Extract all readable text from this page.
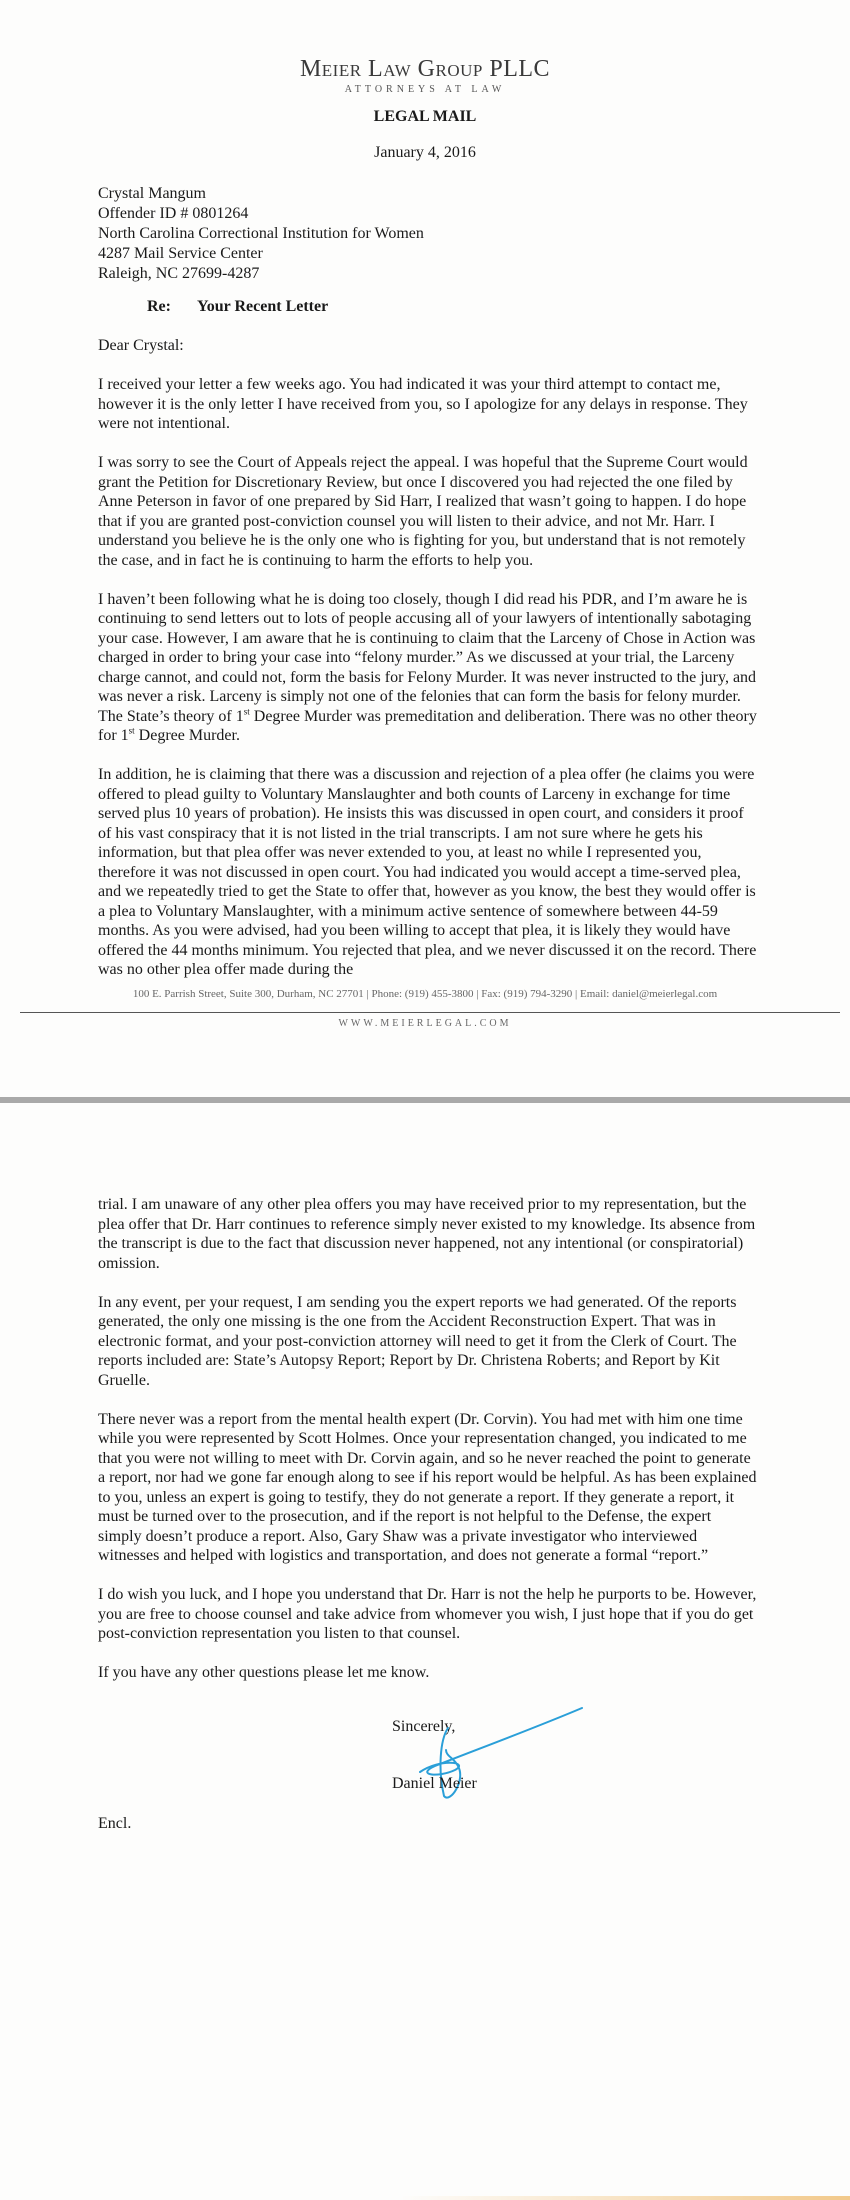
Meier Law Group PLLC
ATTORNEYS AT LAW
LEGAL MAIL
January 4, 2016
Crystal Mangum
Offender ID # 0801264
North Carolina Correctional Institution for Women
4287 Mail Service Center
Raleigh, NC 27699-4287
Re: Your Recent Letter

Dear Crystal:

I received your letter a few weeks ago. You had indicated it was your third attempt to contact me, however it is the only letter I have received from you, so I apologize for any delays in response. They were not intentional.

I was sorry to see the Court of Appeals reject the appeal. I was hopeful that the Supreme Court would grant the Petition for Discretionary Review, but once I discovered you had rejected the one filed by Anne Peterson in favor of one prepared by Sid Harr, I realized that wasn’t going to happen. I do hope that if you are granted post-conviction counsel you will listen to their advice, and not Mr. Harr. I understand you believe he is the only one who is fighting for you, but understand that is not remotely the case, and in fact he is continuing to harm the efforts to help you.

I haven’t been following what he is doing too closely, though I did read his PDR, and I’m aware he is continuing to send letters out to lots of people accusing all of your lawyers of intentionally sabotaging your case. However, I am aware that he is continuing to claim that the Larceny of Chose in Action was charged in order to bring your case into “felony murder.” As we discussed at your trial, the Larceny charge cannot, and could not, form the basis for Felony Murder. It was never instructed to the jury, and was never a risk. Larceny is simply not one of the felonies that can form the basis for felony murder. The State’s theory of 1st Degree Murder was premeditation and deliberation. There was no other theory for 1st Degree Murder.

In addition, he is claiming that there was a discussion and rejection of a plea offer (he claims you were offered to plead guilty to Voluntary Manslaughter and both counts of Larceny in exchange for time served plus 10 years of probation). He insists this was discussed in open court, and considers it proof of his vast conspiracy that it is not listed in the trial transcripts. I am not sure where he gets his information, but that plea offer was never extended to you, at least no while I represented you, therefore it was not discussed in open court. You had indicated you would accept a time-served plea, and we repeatedly tried to get the State to offer that, however as you know, the best they would offer is a plea to Voluntary Manslaughter, with a minimum active sentence of somewhere between 44-59 months. As you were advised, had you been willing to accept that plea, it is likely they would have offered the 44 months minimum. You rejected that plea, and we never discussed it on the record. There was no other plea offer made during the

100 E. Parrish Street, Suite 300, Durham, NC 27701 | Phone: (919) 455-3800 | Fax: (919) 794-3290 | Email: daniel@meierlegal.com
WWW.MEIERLEGAL.COM

trial. I am unaware of any other plea offers you may have received prior to my representation, but the plea offer that Dr. Harr continues to reference simply never existed to my knowledge. Its absence from the transcript is due to the fact that discussion never happened, not any intentional (or conspiratorial) omission.

In any event, per your request, I am sending you the expert reports we had generated. Of the reports generated, the only one missing is the one from the Accident Reconstruction Expert. That was in electronic format, and your post-conviction attorney will need to get it from the Clerk of Court. The reports included are: State’s Autopsy Report; Report by Dr. Christena Roberts; and Report by Kit Gruelle.

There never was a report from the mental health expert (Dr. Corvin). You had met with him one time while you were represented by Scott Holmes. Once your representation changed, you indicated to me that you were not willing to meet with Dr. Corvin again, and so he never reached the point to generate a report, nor had we gone far enough along to see if his report would be helpful. As has been explained to you, unless an expert is going to testify, they do not generate a report. If they generate a report, it must be turned over to the prosecution, and if the report is not helpful to the Defense, the expert simply doesn’t produce a report. Also, Gary Shaw was a private investigator who interviewed witnesses and helped with logistics and transportation, and does not generate a formal “report.”

I do wish you luck, and I hope you understand that Dr. Harr is not the help he purports to be. However, you are free to choose counsel and take advice from whomever you wish, I just hope that if you do get post-conviction representation you listen to that counsel.

If you have any other questions please let me know.

Sincerely,
Daniel Meier
Encl.
